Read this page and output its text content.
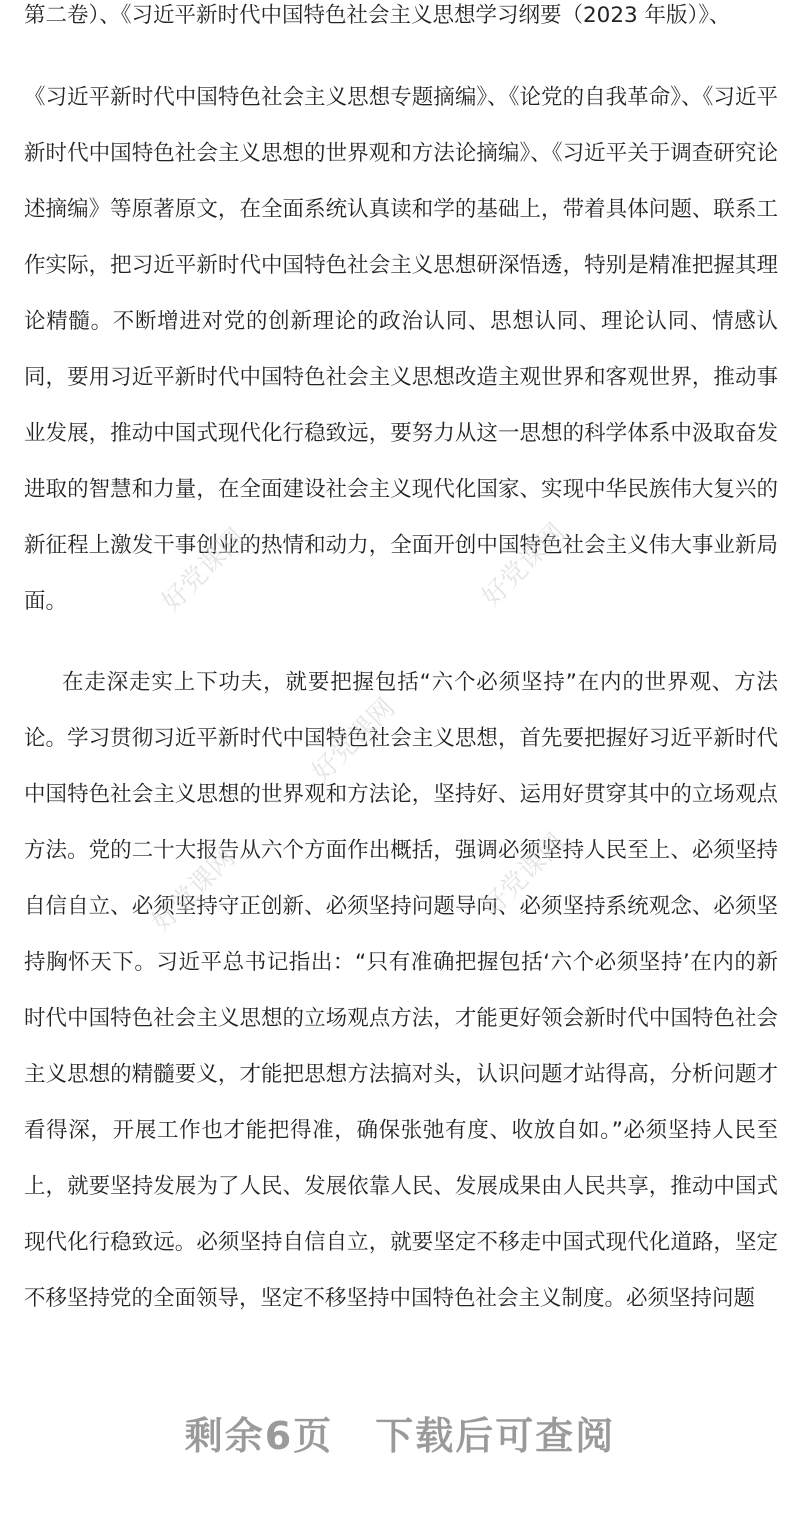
第二卷）、《习近平新时代中国特色社会主义思想学习纲要（2023 年版）》、

《习近平新时代中国特色社会主义思想专题摘编》、《论党的自我革命》、《习近平新时代中国特色社会主义思想的世界观和方法论摘编》、《习近平关于调查研究论述摘编》等原著原文，在全面系统认真读和学的基础上，带着具体问题、联系工作实际，把习近平新时代中国特色社会主义思想研深悟透，特别是精准把握其理论精髓。不断增进对党的创新理论的政治认同、思想认同、理论认同、情感认同，要用习近平新时代中国特色社会主义思想改造主观世界和客观世界，推动事业发展，推动中国式现代化行稳致远，要努力从这一思想的科学体系中汲取奋发进取的智慧和力量，在全面建设社会主义现代化国家、实现中华民族伟大复兴的新征程上激发干事创业的热情和动力，全面开创中国特色社会主义伟大事业新局面。

在走深走实上下功夫，就要把握包括“六个必须坚持”在内的世界观、方法论。学习贯彻习近平新时代中国特色社会主义思想，首先要把握好习近平新时代中国特色社会主义思想的世界观和方法论，坚持好、运用好贯穿其中的立场观点方法。党的二十大报告从六个方面作出概括，强调必须坚持人民至上、必须坚持自信自立、必须坚持守正创新、必须坚持问题导向、必须坚持系统观念、必须坚持胸怀天下。习近平总书记指出：“只有准确把握包括‘六个必须坚持’在内的新时代中国特色社会主义思想的立场观点方法，才能更好领会新时代中国特色社会主义思想的精髓要义，才能把思想方法搞对头，认识问题才站得高，分析问题才看得深，开展工作也才能把得准，确保张弛有度、收放自如。”必须坚持人民至上，就要坚持发展为了人民、发展依靠人民、发展成果由人民共享，推动中国式现代化行稳致远。必须坚持自信自立，就要坚定不移走中国式现代化道路，坚定不移坚持党的全面领导，坚定不移坚持中国特色社会主义制度。必须坚持问题

好党课网	好党课网
好党课网
好党课网	好党课网
剩余6页 下载后可查阅
